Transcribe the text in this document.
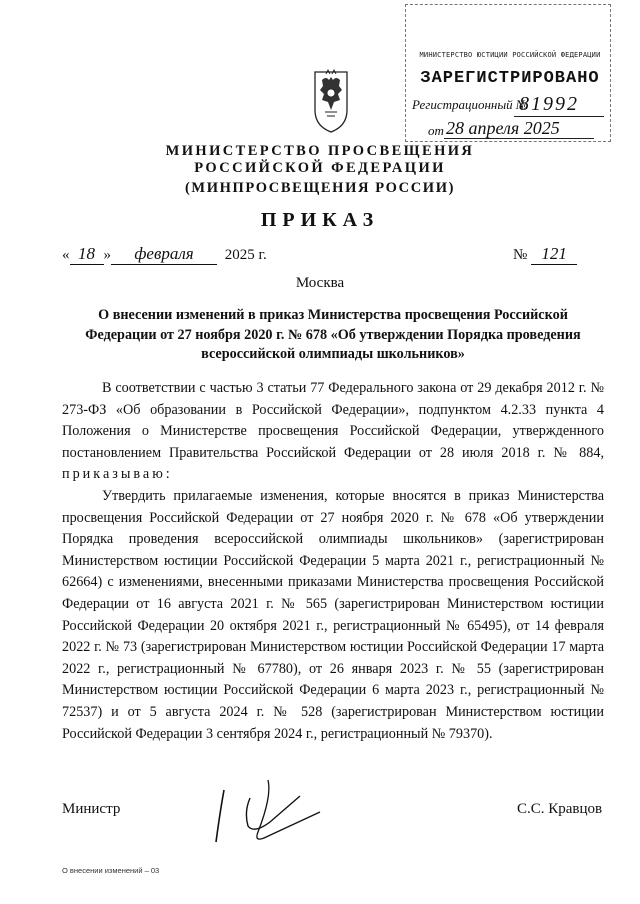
МИНИСТЕРСТВО ЮСТИЦИИ РОССИЙСКОЙ ФЕДЕРАЦИИ
ЗАРЕГИСТРИРОВАНО
Регистрационный №
81992
от 28 апреля 2025
МИНИСТЕРСТВО ПРОСВЕЩЕНИЯ
РОССИЙСКОЙ ФЕДЕРАЦИИ
(МИНПРОСВЕЩЕНИЯ РОССИИ)
ПРИКАЗ
« 18 » февраля 2025 г.	№ 121
Москва
О внесении изменений в приказ Министерства просвещения Российской Федерации от 27 ноября 2020 г. № 678 «Об утверждении Порядка проведения всероссийской олимпиады школьников»

В соответствии с частью 3 статьи 77 Федерального закона от 29 декабря 2012 г. № 273-ФЗ «Об образовании в Российской Федерации», подпунктом 4.2.33 пункта 4 Положения о Министерстве просвещения Российской Федерации, утвержденного постановлением Правительства Российской Федерации от 28 июля 2018 г. № 884, приказываю:

Утвердить прилагаемые изменения, которые вносятся в приказ Министерства просвещения Российской Федерации от 27 ноября 2020 г. № 678 «Об утверждении Порядка проведения всероссийской олимпиады школьников» (зарегистрирован Министерством юстиции Российской Федерации 5 марта 2021 г., регистрационный № 62664) с изменениями, внесенными приказами Министерства просвещения Российской Федерации от 16 августа 2021 г. № 565 (зарегистрирован Министерством юстиции Российской Федерации 20 октября 2021 г., регистрационный № 65495), от 14 февраля 2022 г. № 73 (зарегистрирован Министерством юстиции Российской Федерации 17 марта 2022 г., регистрационный № 67780), от 26 января 2023 г. № 55 (зарегистрирован Министерством юстиции Российской Федерации 6 марта 2023 г., регистрационный № 72537) и от 5 августа 2024 г. № 528 (зарегистрирован Министерством юстиции Российской Федерации 3 сентября 2024 г., регистрационный № 79370).

Министр	С.С. Кравцов
О внесении изменений – 03
